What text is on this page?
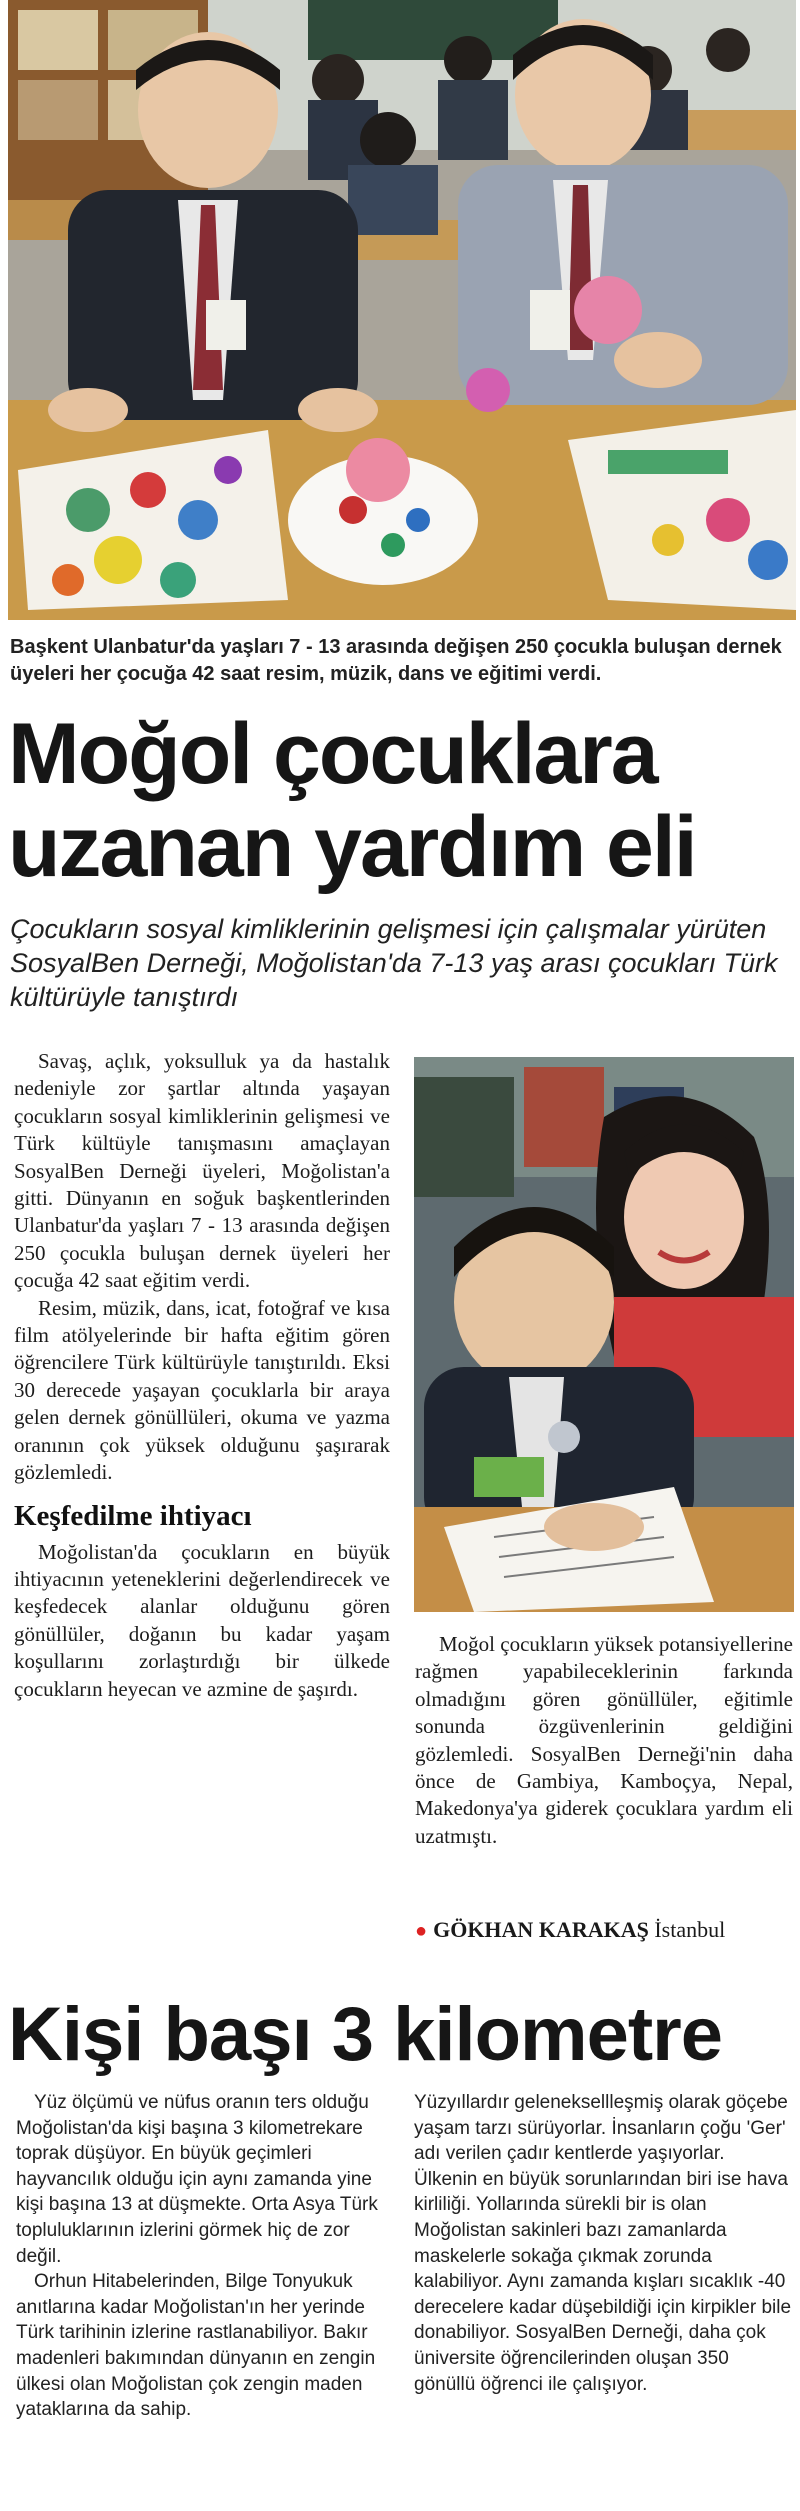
Başkent Ulanbatur'da yaşları 7 - 13 arasında değişen 250 çocukla buluşan dernek üyeleri her çocuğa 42 saat resim, müzik, dans ve eğitimi verdi.
Moğol çocuklara uzanan yardım eli
Çocukların sosyal kimliklerinin gelişmesi için çalışmalar yürüten SosyalBen Derneği, Moğolistan'da 7-13 yaş arası çocukları Türk kültürüyle tanıştırdı

Savaş, açlık, yoksulluk ya da hastalık nedeniyle zor şartlar altında yaşayan çocukların sosyal kimliklerinin gelişmesi ve Türk kültüyle tanışmasını amaçlayan SosyalBen Derneği üyeleri, Moğolistan'a gitti. Dünyanın en soğuk başkentlerinden Ulanbatur'da yaşları 7 - 13 arasında değişen 250 çocukla buluşan dernek üyeleri her çocuğa 42 saat eğitim verdi.

Resim, müzik, dans, icat, fotoğraf ve kısa film atölyelerinde bir hafta eğitim gören öğrencilere Türk kültürüyle tanıştırıldı. Eksi 30 derecede yaşayan çocuklarla bir araya gelen dernek gönüllüleri, okuma ve yazma oranının çok yüksek olduğunu şaşırarak gözlemledi.

Keşfedilme ihtiyacı

Moğolistan'da çocukların en büyük ihtiyacının yeteneklerini değerlendirecek ve keşfedecek alanlar olduğunu gören gönüllüler, doğanın bu kadar yaşam koşullarını zorlaştırdığı bir ülkede çocukların heyecan ve azmine de şaşırdı.

Moğol çocukların yüksek potansiyellerine rağmen yapabileceklerinin farkında olmadığını gören gönüllüler, eğitimle sonunda özgüvenlerinin geldiğini gözlemledi. SosyalBen Derneği'nin daha önce de Gambiya, Kamboçya, Nepal, Makedonya'ya giderek çocuklara yardım eli uzatmıştı.

● GÖKHAN KARAKAŞ İstanbul
Kişi başı 3 kilometre

Yüz ölçümü ve nüfus oranın ters olduğu Moğolistan'da kişi başına 3 kilometrekare toprak düşüyor. En büyük geçimleri hayvancılık olduğu için aynı zamanda yine kişi başına 13 at düşmekte. Orta Asya Türk topluluklarının izlerini görmek hiç de zor değil.

Orhun Hitabelerinden, Bilge Tonyukuk anıtlarına kadar Moğolistan'ın her yerinde Türk tarihinin izlerine rastlanabiliyor. Bakır madenleri bakımından dünyanın en zengin ülkesi olan Moğolistan çok zengin maden yataklarına da sahip.

Yüzyıllardır geleneksellleşmiş olarak göçebe yaşam tarzı sürüyorlar. İnsanların çoğu 'Ger' adı verilen çadır kentlerde yaşıyorlar. Ülkenin en büyük sorunlarından biri ise hava kirliliği. Yollarında sürekli bir is olan Moğolistan sakinleri bazı zamanlarda maskelerle sokağa çıkmak zorunda kalabiliyor. Aynı zamanda kışları sıcaklık -40 derecelere kadar düşebildiği için kirpikler bile donabiliyor. SosyalBen Derneği, daha çok üniversite öğrencilerinden oluşan 350 gönüllü öğrenci ile çalışıyor.
